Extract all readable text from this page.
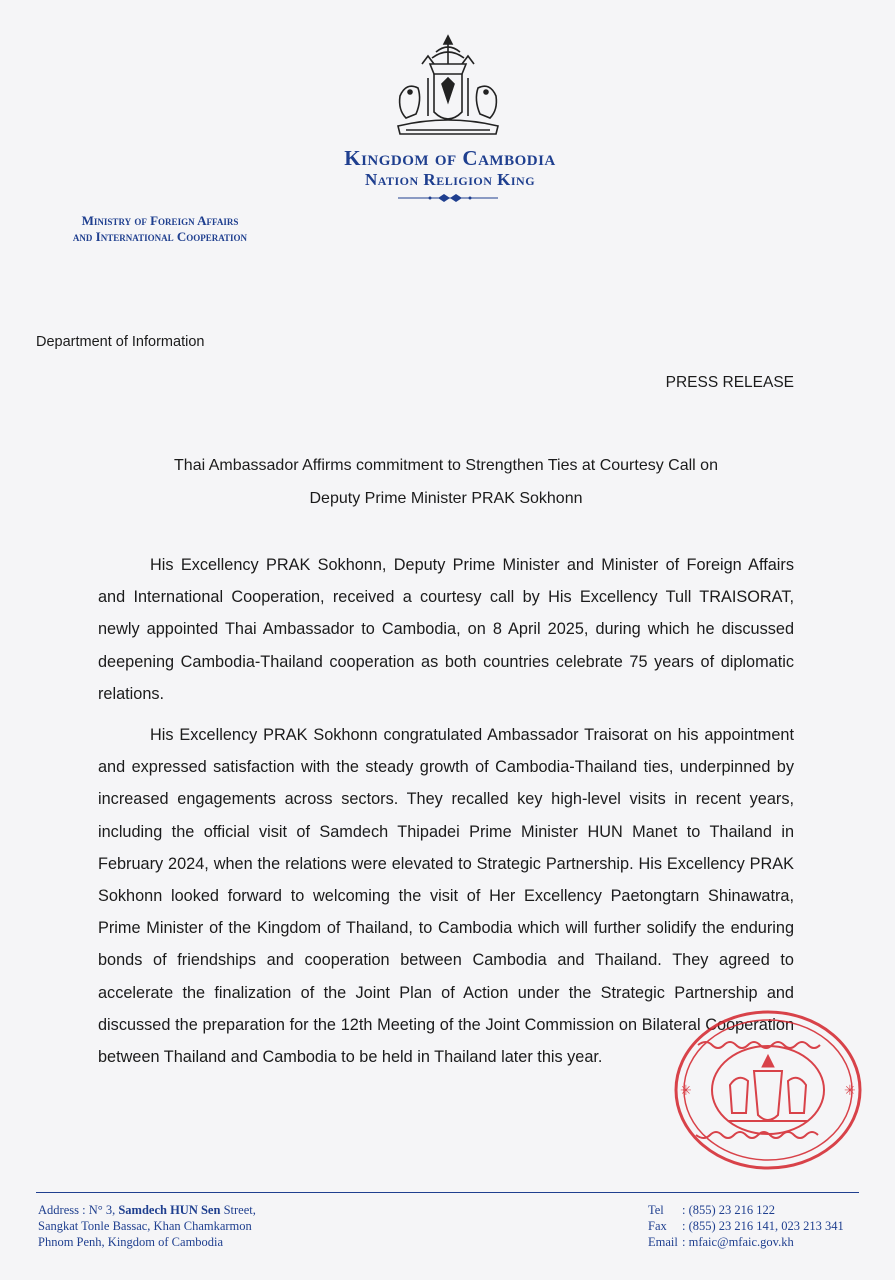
Kingdom of Cambodia
Nation Religion King
Ministry of Foreign Affairs
and International Cooperation
Department of Information
PRESS RELEASE
Thai Ambassador Affirms commitment to Strengthen Ties at Courtesy Call on
Deputy Prime Minister PRAK Sokhonn

His Excellency PRAK Sokhonn, Deputy Prime Minister and Minister of Foreign Affairs and International Cooperation, received a courtesy call by His Excellency Tull TRAISORAT, newly appointed Thai Ambassador to Cambodia, on 8 April 2025, during which he discussed deepening Cambodia-Thailand cooperation as both countries celebrate 75 years of diplomatic relations.

His Excellency PRAK Sokhonn congratulated Ambassador Traisorat on his appointment and expressed satisfaction with the steady growth of Cambodia-Thailand ties, underpinned by increased engagements across sectors. They recalled key high-level visits in recent years, including the official visit of Samdech Thipadei Prime Minister HUN Manet to Thailand in February 2024, when the relations were elevated to Strategic Partnership. His Excellency PRAK Sokhonn looked forward to welcoming the visit of Her Excellency Paetongtarn Shinawatra, Prime Minister of the Kingdom of Thailand, to Cambodia which will further solidify the enduring bonds of friendships and cooperation between Cambodia and Thailand. They agreed to accelerate the finalization of the Joint Plan of Action under the Strategic Partnership and discussed the preparation for the 12th Meeting of the Joint Commission on Bilateral Cooperation between Thailand and Cambodia to be held in Thailand later this year.

✳	✳
Address : N° 3, Samdech HUN Sen Street,
Sangkat Tonle Bassac, Khan Chamkarmon
Phnom Penh, Kingdom of Cambodia
Tel : (855) 23 216 122
Fax : (855) 23 216 141, 023 213 341
Email : mfaic@mfaic.gov.kh
